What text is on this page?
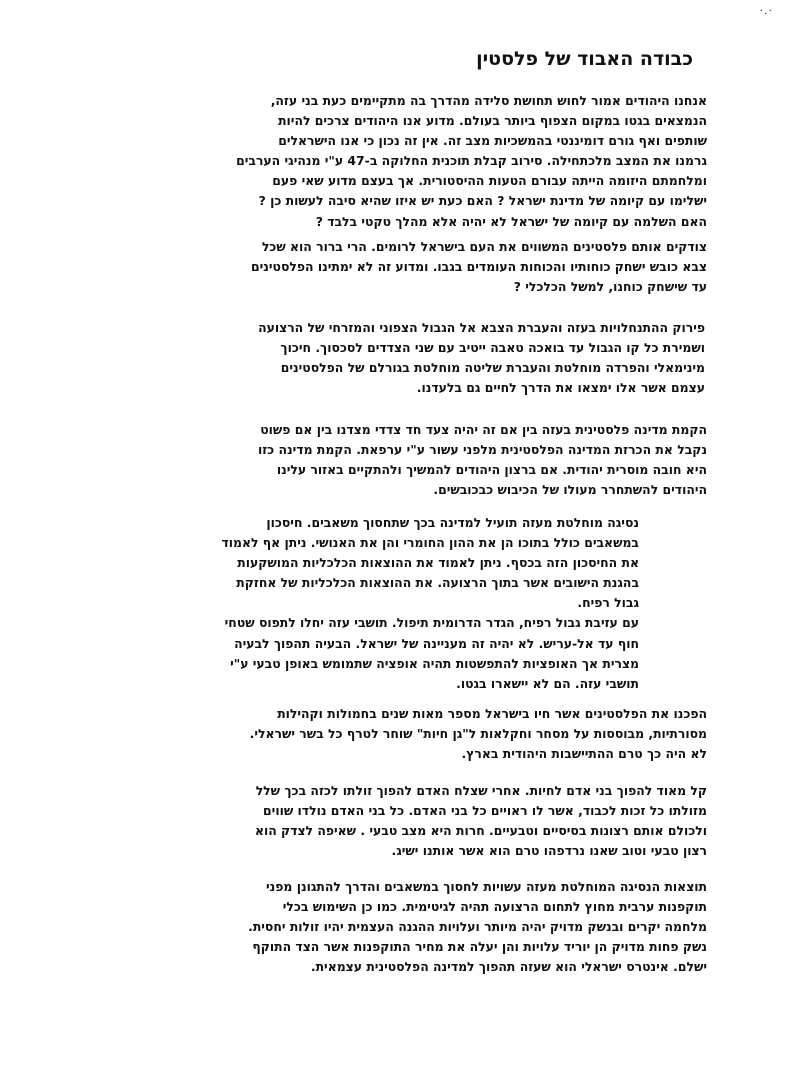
·.·
כבודה האבוד של פלסטין
אנחנו היהודים אמור לחוש תחושת סלידה מהדרך בה מתקיימים כעת בני עזה,
הנמצאים בגטו במקום הצפוף ביותר בעולם. מדוע אנו היהודים צרכים להיות
שותפים ואף גורם דומיננטי בהמשכיות מצב זה. אין זה נכון כי אנו הישראלים
גרמנו את המצב מלכתחילה. סירוב קבלת תוכנית החלוקה ב-47 ע"י מנהיגי הערבים
ומלחמתם היזומה הייתה עבורם הטעות ההיסטורית. אך בעצם מדוע שאי פעם
ישלימו עם קיומה של מדינת ישראל ? האם כעת יש איזו שהיא סיבה לעשות כן ?
האם השלמה עם קיומה של ישראל לא יהיה אלא מהלך טקטי בלבד ?
צודקים אותם פלסטינים המשווים את העם בישראל לרומים. הרי ברור הוא שכל
צבא כובש ישחק כוחותיו והכוחות העומדים בגבו. ומדוע זה לא ימתינו הפלסטינים
עד שישחק כוחנו, למשל הכלכלי ?
פירוק ההתנחלויות בעזה והעברת הצבא אל הגבול הצפוני והמזרחי של הרצועה
ושמירת כל קו הגבול עד בואכה טאבה ייטיב עם שני הצדדים לסכסוך. חיכוך
מינימאלי והפרדה מוחלטת והעברת שליטה מוחלטת בגורלם של הפלסטינים
עצמם אשר אלו ימצאו את הדרך לחיים גם בלעדנו.
הקמת מדינה פלסטינית בעזה בין אם זה יהיה צעד חד צדדי מצדנו בין אם פשוט
נקבל את הכרזת המדינה הפלסטינית מלפני עשור ע"י ערפאת. הקמת מדינה כזו
היא חובה מוסרית יהודית. אם ברצון היהודים להמשיך ולהתקיים באזור עלינו
היהודים להשתחרר מעולו של הכיבוש כבכובשים.
נסיגה מוחלטת מעזה תועיל למדינה בכך שתחסוך משאבים. חיסכון
במשאבים כולל בתוכו הן את ההון החומרי והן את האנושי. ניתן אף לאמוד
את החיסכון הזה בכסף. ניתן לאמוד את ההוצאות הכלכליות המושקעות
בהגנת הישובים אשר בתוך הרצועה. את ההוצאות הכלכליות של אחזקת
גבול רפיח.
עם עזיבת גבול רפיח, הגדר הדרומית תיפול. תושבי עזה יחלו לתפוס שטחי
חוף עד אל-עריש. לא יהיה זה מעניינה של ישראל. הבעיה תהפוך לבעיה
מצרית אך האופציות להתפשטות תהיה אופציה שתמומש באופן טבעי ע"י
תושבי עזה. הם לא יישארו בגטו.
הפכנו את הפלסטינים אשר חיו בישראל מספר מאות שנים בחמולות וקהילות
מסורתיות, מבוססות על מסחר וחקלאות ל"גן חיות" שוחר לטרף כל בשר ישראלי.
לא היה כך טרם ההתיישבות היהודית בארץ.
קל מאוד להפוך בני אדם לחיות. אחרי שצלח האדם להפוך זולתו לכזה בכך שלל
מזולתו כל זכות לכבוד, אשר לו ראויים כל בני האדם. כל בני האדם נולדו שווים
ולכולם אותם רצונות בסיסיים וטבעיים. חרות היא מצב טבעי . שאיפה לצדק הוא
רצון טבעי וטוב שאנו נרדפהו טרם הוא אשר אותנו ישיג.
תוצאות הנסיגה המוחלטת מעזה עשויות לחסוך במשאבים והדרך להתגונן מפני
תוקפנות ערבית מחוץ לתחום הרצועה תהיה לגיטימית. כמו כן השימוש בכלי
מלחמה יקרים ובנשק מדויק יהיה מיותר ועלויות ההגנה העצמית יהיו זולות יחסית.
נשק פחות מדויק הן יוריד עלויות והן יעלה את מחיר התוקפנות אשר הצד התוקף
ישלם. אינטרס ישראלי הוא שעזה תהפוך למדינה הפלסטינית עצמאית.
